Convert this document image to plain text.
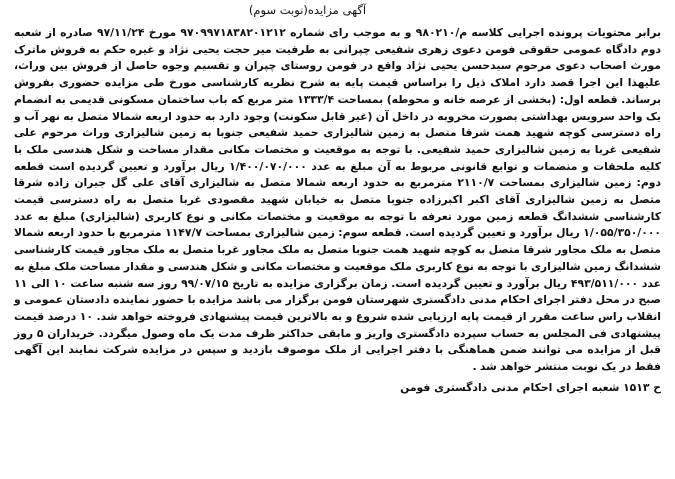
آگهی مزایده(نوبت سوم)

برابر محتویات پرونده اجرایی کلاسه م/۹۸۰۲۱۰ و به موجب رای شماره ۹۷۰۹۹۷۱۸۳۸۲۰۱۲۱۲ مورخ ۹۷/۱۱/۲۴ صادره از شعبه دوم دادگاه عمومی حقوقی فومن دعوی زهری شفیعی چپرانی به طرفیت میر حجت یحیی نژاد و غیره حکم به فروش ماترک مورث اصحاب دعوی مرحوم سیدحسن یحیی نژاد واقع در فومن روستای چپران و تقسیم وجوه حاصل از فروش بین وراث، علیهذا این اجرا قصد دارد املاک ذیل را براساس قیمت پایه به شرح نظریه کارشناسی مورخ طی مزایده حضوری بفروش برساند. قطعه اول: (بخشی از عرصه خانه و محوطه) بمساحت ۱۳۳۳/۴ متر مربع که باب ساختمان مسکونی قدیمی به انضمام یک واحد سرویس بهداشتی بصورت مخروبه در داخل آن (غیر قابل سکونت) وجود دارد به حدود اربعه شمالا متصل به نهر آب و راه دسترسی کوچه شهید همت شرقا متصل به زمین شالیزاری حمید شفیعی جنوبا به زمین شالیزاری وراث مرحوم علی شفیعی غربا به زمین شالیزاری حمید شفیعی. با توجه به موقعیت و مختصات مکانی مقدار مساحت و شکل هندسی ملک با کلیه ملحقات و منضمات و توابع قانونی مربوط به آن مبلغ به عدد ۱/۴۰۰/۰۷۰/۰۰۰ ریال برآورد و تعیین گردیده است قطعه دوم: زمین شالیزاری بمساحت ۲۱۱۰/۷ مترمربع به حدود اربعه شمالا متصل به شالیزاری آقای علی گل جیران زاده شرقا متصل به زمین شالیزاری آقای اکبر اکبرزاده جنوبا متصل به خیابان شهید مقصودی غربا متصل به راه دسترسی قیمت کارشناسی ششدانگ قطعه زمین مورد تعرفه با توجه به موقعیت و مختصات مکانی و نوع کاربری (شالیزاری) مبلغ به عدد ۱/۰۵۵/۳۵۰/۰۰۰ ریال برآورد و تعیین گردیده است. قطعه سوم: زمین شالیزاری بمساحت ۱۱۴۷/۷ مترمربع با حدود اربعه شمالا متصل به ملک مجاور شرقا متصل به کوچه شهید همت جنوبا متصل به ملک مجاور غربا متصل به ملک مجاور قیمت کارشناسی ششدانگ زمین شالیزاری با توجه به نوع کاربری ملک موقعیت و مختصات مکانی و شکل هندسی و مقدار مساحت ملک مبلغ به عدد ۴۹۳/۵۱۱/۰۰۰ ریال برآورد و تعیین گردیده است. زمان برگزاری مزایده به تاریخ ۹۹/۰۷/۱۵ روز سه شنبه ساعت ۱۰ الی ۱۱ صبح در محل دفتر اجرای احکام مدنی دادگستری شهرستان فومن برگزار می باشد مزایده با حضور نماینده دادستان عمومی و انقلاب راس ساعت مقرر از قیمت پایه ارزیابی شده شروع و به بالاترین قیمت پیشنهادی فروخته خواهد شد. ۱۰ درصد قیمت پیشنهادی فی المجلس به حساب سپرده دادگستری واریز و مابقی حداکثر ظرف مدت یک ماه وصول میگردد. خریداران ۵ روز قبل از مزایده می توانند ضمن هماهنگی با دفتر اجرایی از ملک موصوف بازدید و سپس در مزایده شرکت نمایند این آگهی فقط در یک نوبت منتشر خواهد شد .

ح ۱۵۱۳ شعبه اجرای احکام مدنی دادگستری فومن
